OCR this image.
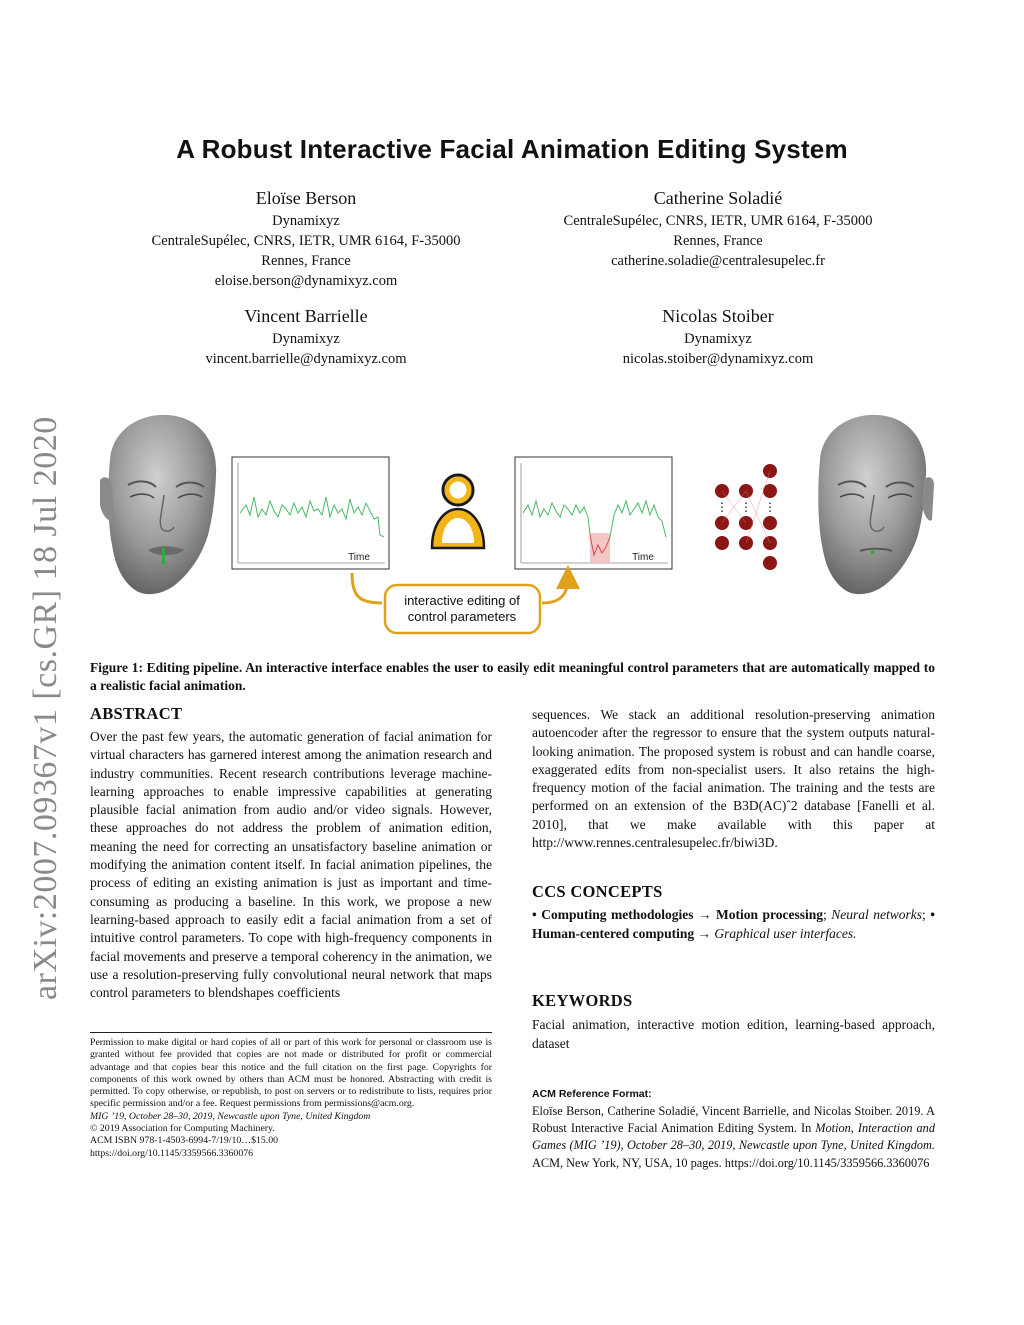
arXiv:2007.09367v1 [cs.GR] 18 Jul 2020
A Robust Interactive Facial Animation Editing System
Eloïse Berson
Dynamixyz
CentraleSupélec, CNRS, IETR, UMR 6164, F-35000
Rennes, France
eloise.berson@dynamixyz.com
Catherine Soladié
CentraleSupélec, CNRS, IETR, UMR 6164, F-35000
Rennes, France
catherine.soladie@centralesupelec.fr
Vincent Barrielle
Dynamixyz
vincent.barrielle@dynamixyz.com
Nicolas Stoiber
Dynamixyz
nicolas.stoiber@dynamixyz.com
Time	Time
⋮ ⋮ ⋮
interactive editing of
control parameters

Figure 1: Editing pipeline. An interactive interface enables the user to easily edit meaningful control parameters that are automatically mapped to a realistic facial animation.

ABSTRACT

Over the past few years, the automatic generation of facial animation for virtual characters has garnered interest among the animation research and industry communities. Recent research contributions leverage machine-learning approaches to enable impressive capabilities at generating plausible facial animation from audio and/or video signals. However, these approaches do not address the problem of animation edition, meaning the need for correcting an unsatisfactory baseline animation or modifying the animation content itself. In facial animation pipelines, the process of editing an existing animation is just as important and time-consuming as producing a baseline. In this work, we propose a new learning-based approach to easily edit a facial animation from a set of intuitive control parameters. To cope with high-frequency components in facial movements and preserve a temporal coherency in the animation, we use a resolution-preserving fully convolutional neural network that maps control parameters to blendshapes coefficients

sequences. We stack an additional resolution-preserving animation autoencoder after the regressor to ensure that the system outputs natural-looking animation. The proposed system is robust and can handle coarse, exaggerated edits from non-specialist users. It also retains the high-frequency motion of the facial animation. The training and the tests are performed on an extension of the B3D(AC)ˆ2 database [Fanelli et al. 2010], that we make available with this paper at http://www.rennes.centralesupelec.fr/biwi3D.

CCS CONCEPTS

• Computing methodologies → Motion processing; Neural networks; • Human-centered computing → Graphical user interfaces.

KEYWORDS

Facial animation, interactive motion edition, learning-based approach, dataset

Permission to make digital or hard copies of all or part of this work for personal or classroom use is granted without fee provided that copies are not made or distributed for profit or commercial advantage and that copies bear this notice and the full citation on the first page. Copyrights for components of this work owned by others than ACM must be honored. Abstracting with credit is permitted. To copy otherwise, or republish, to post on servers or to redistribute to lists, requires prior specific permission and/or a fee. Request permissions from permissions@acm.org.

MIG ’19, October 28–30, 2019, Newcastle upon Tyne, United Kingdom

© 2019 Association for Computing Machinery.

ACM ISBN 978-1-4503-6994-7/19/10…$15.00

https://doi.org/10.1145/3359566.3360076

ACM Reference Format:

Eloïse Berson, Catherine Soladié, Vincent Barrielle, and Nicolas Stoiber. 2019. A Robust Interactive Facial Animation Editing System. In Motion, Interaction and Games (MIG ’19), October 28–30, 2019, Newcastle upon Tyne, United Kingdom. ACM, New York, NY, USA, 10 pages. https://doi.org/10.1145/3359566.3360076
